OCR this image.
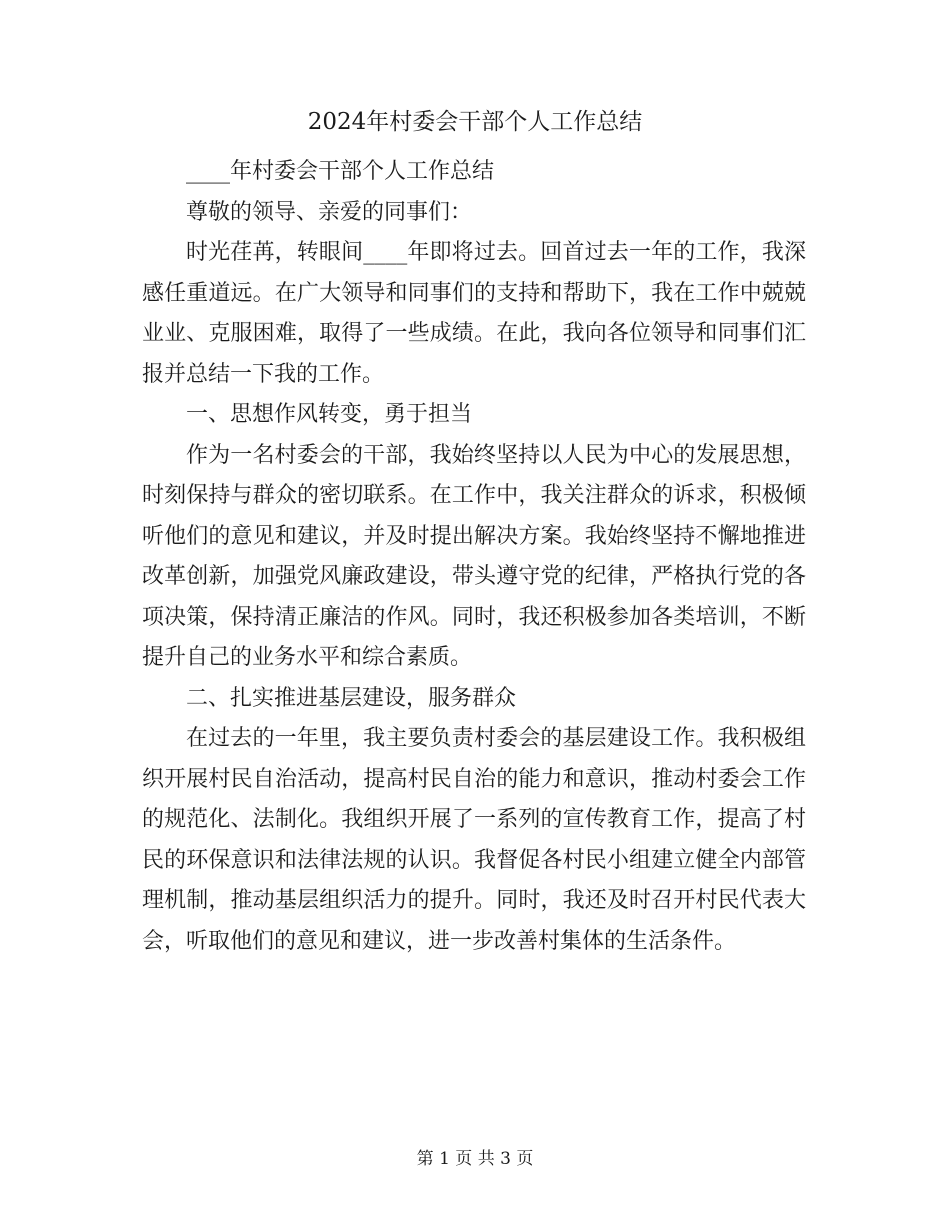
2024年村委会干部个人工作总结

____年村委会干部个人工作总结

尊敬的领导、亲爱的同事们：

时光荏苒，转眼间____年即将过去。回首过去一年的工作，我深感任重道远。在广大领导和同事们的支持和帮助下，我在工作中兢兢业业、克服困难，取得了一些成绩。在此，我向各位领导和同事们汇报并总结一下我的工作。

一、思想作风转变，勇于担当

作为一名村委会的干部，我始终坚持以人民为中心的发展思想，时刻保持与群众的密切联系。在工作中，我关注群众的诉求，积极倾听他们的意见和建议，并及时提出解决方案。我始终坚持不懈地推进改革创新，加强党风廉政建设，带头遵守党的纪律，严格执行党的各项决策，保持清正廉洁的作风。同时，我还积极参加各类培训，不断提升自己的业务水平和综合素质。

二、扎实推进基层建设，服务群众

在过去的一年里，我主要负责村委会的基层建设工作。我积极组织开展村民自治活动，提高村民自治的能力和意识，推动村委会工作的规范化、法制化。我组织开展了一系列的宣传教育工作，提高了村民的环保意识和法律法规的认识。我督促各村民小组建立健全内部管理机制，推动基层组织活力的提升。同时，我还及时召开村民代表大会，听取他们的意见和建议，进一步改善村集体的生活条件。

第 1 页 共 3 页
